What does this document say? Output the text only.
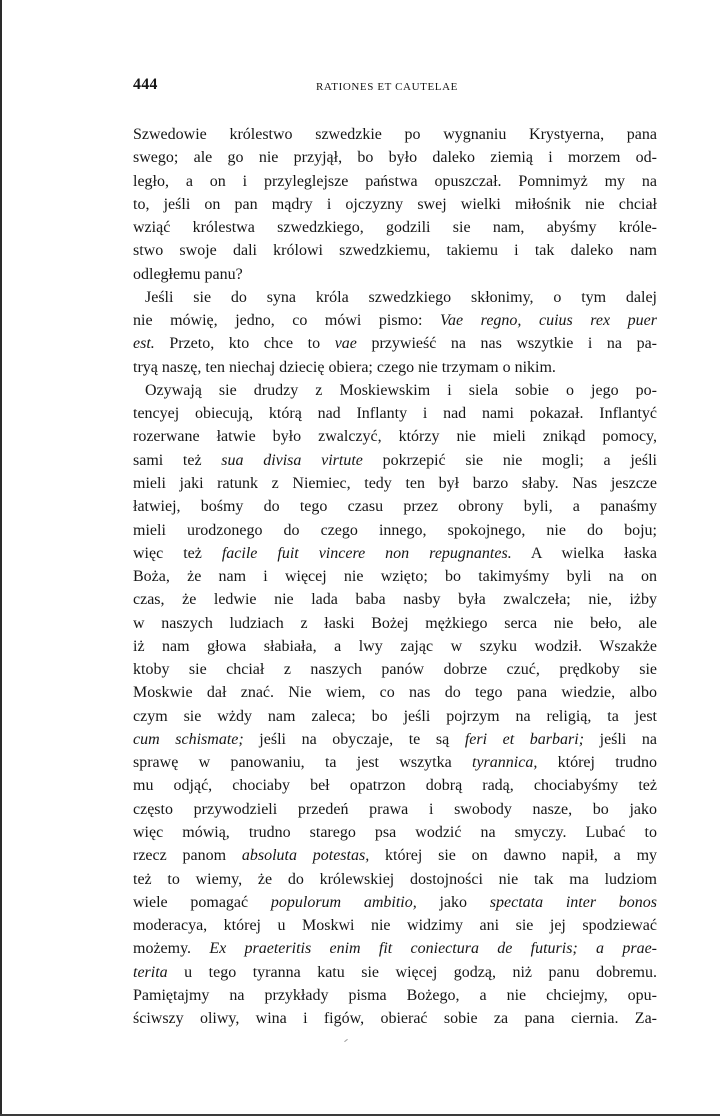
444	RATIONES ET CAUTELAE
Szwedowie królestwo szwedzkie po wygnaniu Krystyerna, pana
swego; ale go nie przyjął, bo było daleko ziemią i morzem od-
legło, a on i przyleglejsze państwa opuszczał. Pomnimyż my na
to, jeśli on pan mądry i ojczyzny swej wielki miłośnik nie chciał
wziąć królestwa szwedzkiego, godzili sie nam, abyśmy króle-
stwo swoje dali królowi szwedzkiemu, takiemu i tak daleko nam
odległemu panu?
Jeśli sie do syna króla szwedzkiego skłonimy, o tym dalej
nie mówię, jedno, co mówi pismo: Vae regno, cuius rex puer
est. Przeto, kto chce to vae przywieść na nas wszytkie i na pa-
tryą naszę, ten niechaj dziecię obiera; czego nie trzymam o nikim.
Ozywają sie drudzy z Moskiewskim i siela sobie o jego po-
tencyej obiecują, którą nad Inflanty i nad nami pokazał. Inflantyć
rozerwane łatwie było zwalczyć, którzy nie mieli znikąd pomocy,
sami też sua divisa virtute pokrzepić sie nie mogli; a jeśli
mieli jaki ratunk z Niemiec, tedy ten był barzo słaby. Nas jeszcze
łatwiej, bośmy do tego czasu przez obrony byli, a panaśmy
mieli urodzonego do czego innego, spokojnego, nie do boju;
więc też facile fuit vincere non repugnantes. A wielka łaska
Boża, że nam i więcej nie wzięto; bo takimyśmy byli na on
czas, że ledwie nie lada baba nasby była zwalczeła; nie, iżby
w naszych ludziach z łaski Bożej mężkiego serca nie beło, ale
iż nam głowa słabiała, a lwy zając w szyku wodził. Wszakże
ktoby sie chciał z naszych panów dobrze czuć, prędkoby sie
Moskwie dał znać. Nie wiem, co nas do tego pana wiedzie, albo
czym sie wżdy nam zaleca; bo jeśli pojrzym na religią, ta jest
cum schismate; jeśli na obyczaje, te są feri et barbari; jeśli na
sprawę w panowaniu, ta jest wszytka tyrannica, której trudno
mu odjąć, chociaby beł opatrzon dobrą radą, chociabyśmy też
często przywodzieli przedeń prawa i swobody nasze, bo jako
więc mówią, trudno starego psa wodzić na smyczy. Lubać to
rzecz panom absoluta potestas, której sie on dawno napił, a my
też to wiemy, że do królewskiej dostojności nie tak ma ludziom
wiele pomagać populorum ambitio, jako spectata inter bonos
moderacya, której u Moskwi nie widzimy ani sie jej spodziewać
możemy. Ex praeteritis enim fit coniectura de futuris; a prae-
terita u tego tyranna katu sie więcej godzą, niż panu dobremu.
Pamiętajmy na przykłady pisma Bożego, a nie chciejmy, opu-
ściwszy oliwy, wina i figów, obierać sobie za pana ciernia. Za-
